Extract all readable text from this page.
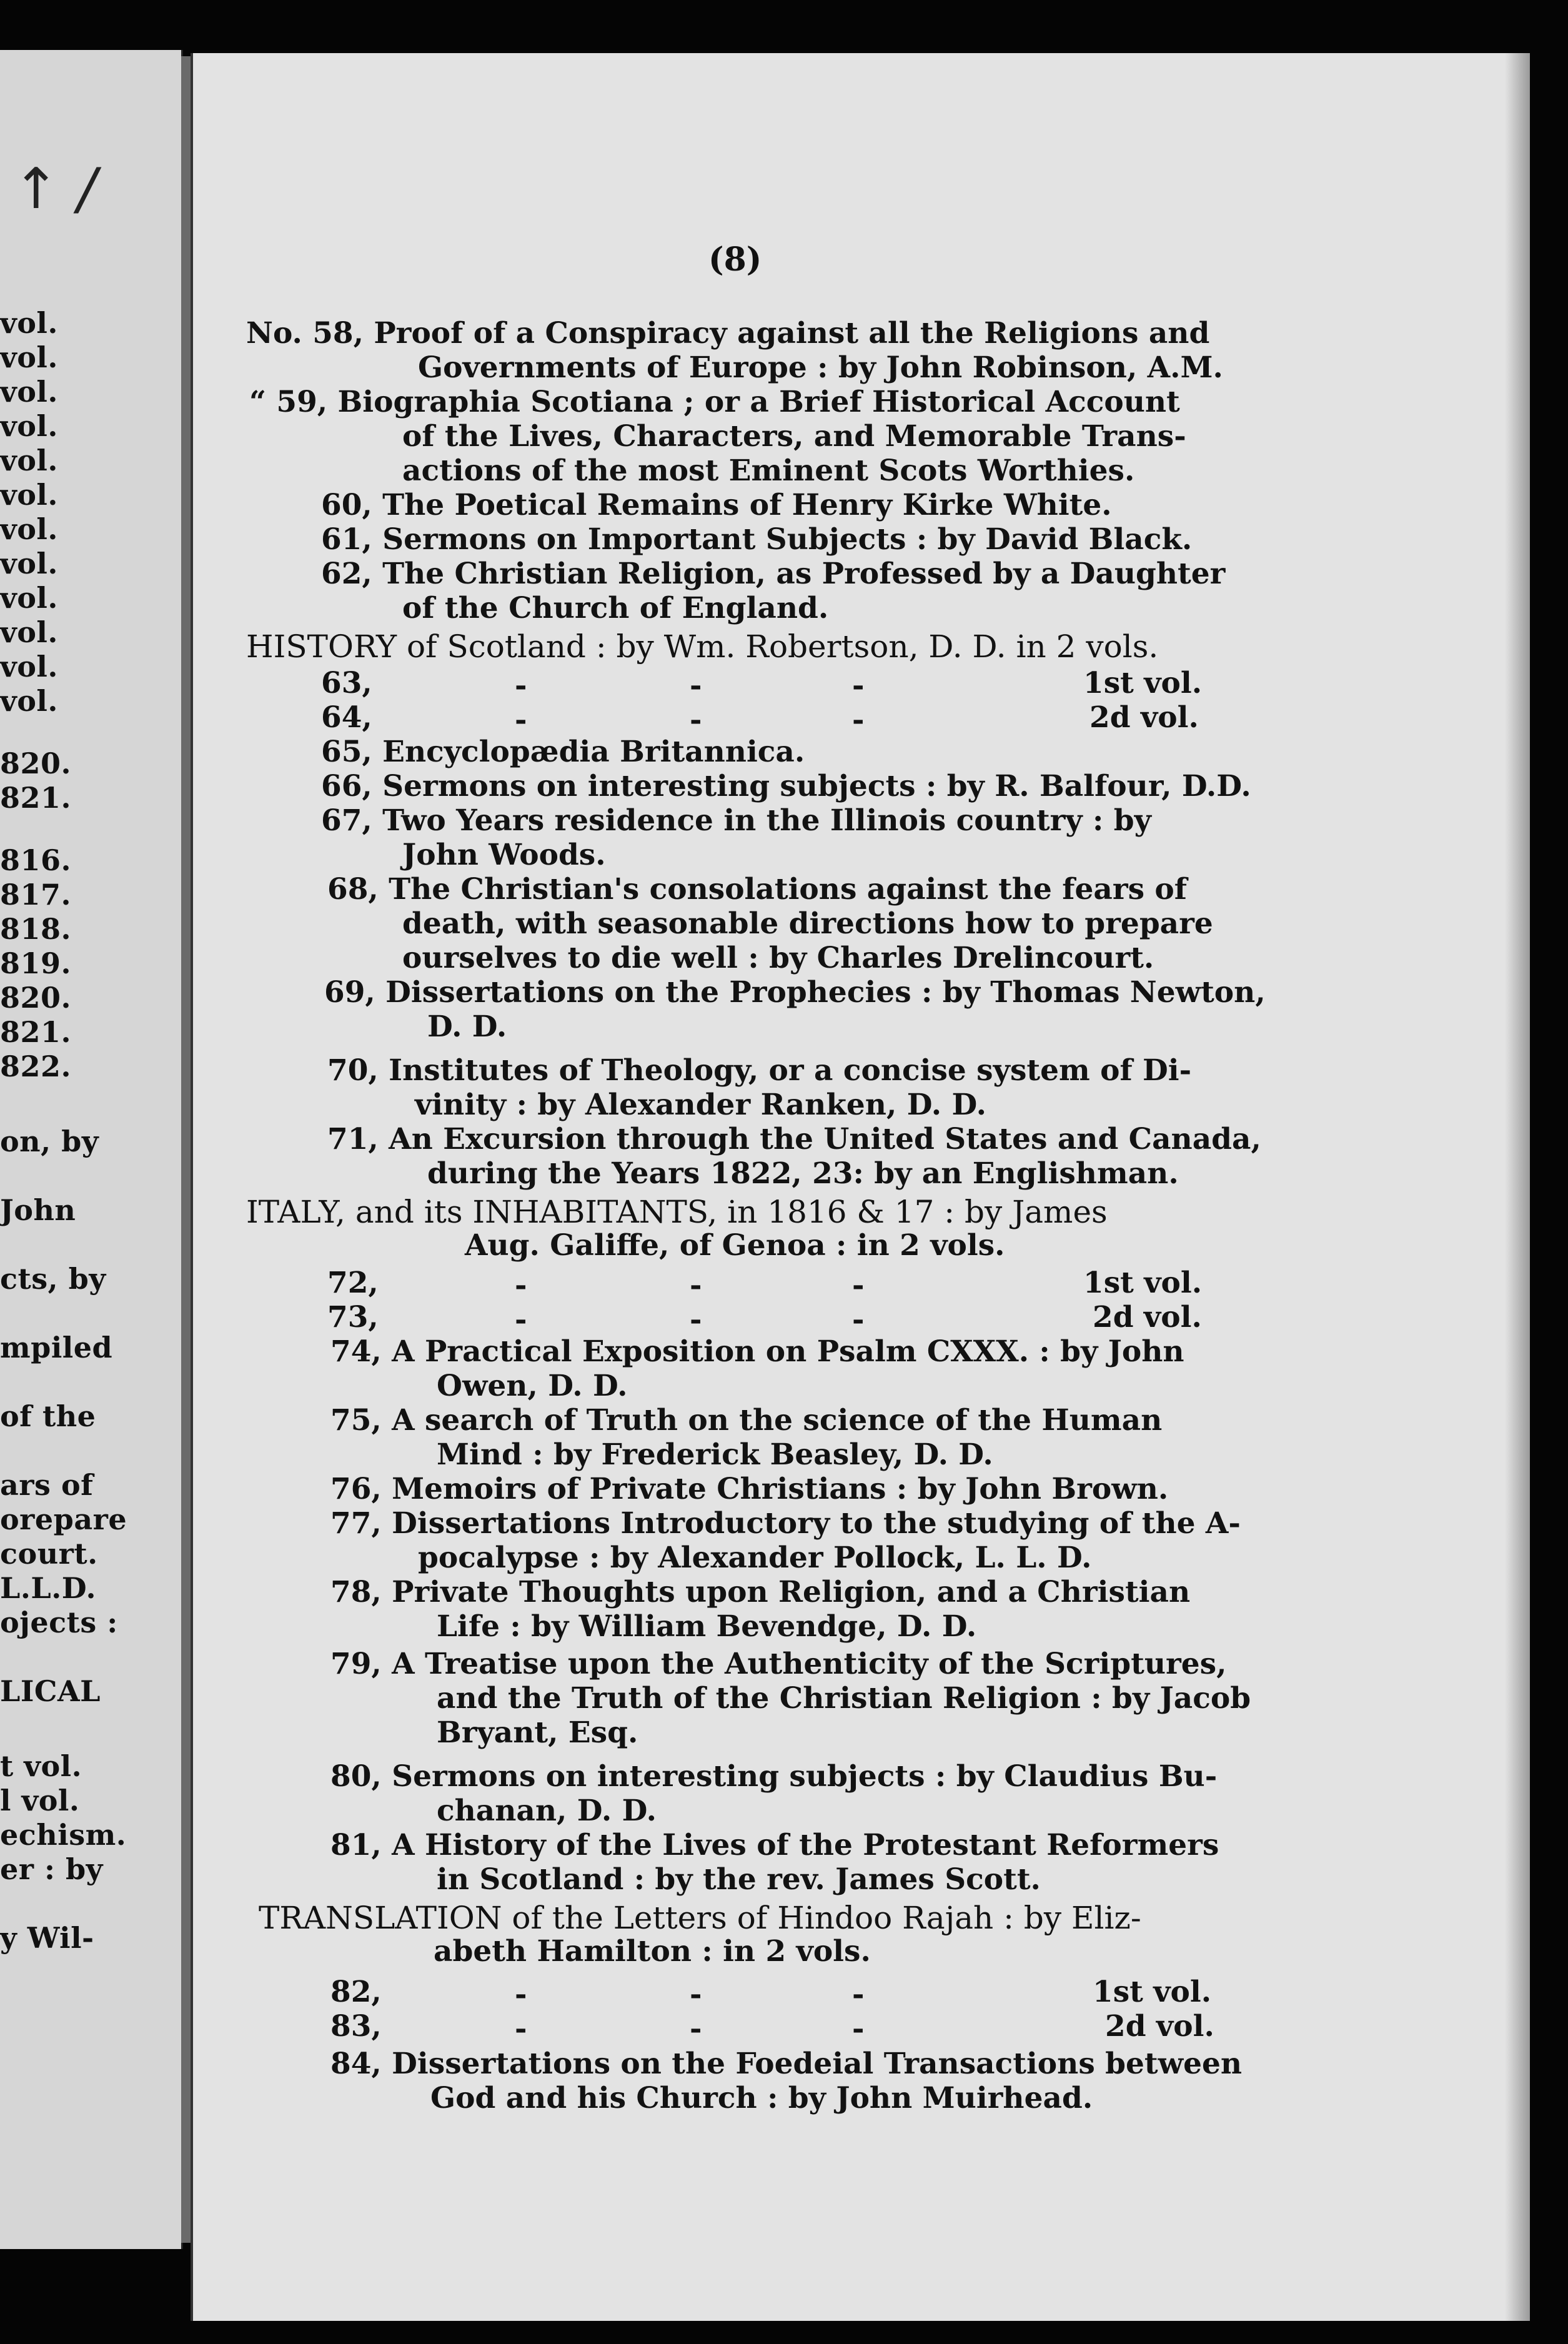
↑ /
vol.
vol.
vol.
vol.
vol.
vol.
vol.
vol.
vol.
vol.
vol.
vol.
820.
821.
816.
817.
818.
819.
820.
821.
822.
on, by
John
cts, by
mpiled
of the
ars of
orepare
court.
L.L.D.
ojects :
LICAL
t vol.
l vol.
echism.
er : by
y Wil-
(8)
No. 58, Proof of a Conspiracy against all the Religions and
Governments of Europe : by John Robinson, A.M.
“ 59, Biographia Scotiana ; or a Brief Historical Account
of the Lives, Characters, and Memorable Trans-
actions of the most Eminent Scots Worthies.
60, The Poetical Remains of Henry Kirke White.
61, Sermons on Important Subjects : by David Black.
62, The Christian Religion, as Professed by a Daughter
of the Church of England.
HISTORY of Scotland : by Wm. Robertson, D. D. in 2 vols.
63,	-	-	-	1st vol.
64,	-	-	-	2d vol.
65, Encyclopædia Britannica.
66, Sermons on interesting subjects : by R. Balfour, D.D.
67, Two Years residence in the Illinois country : by
John Woods.
68, The Christian's consolations against the fears of
death, with seasonable directions how to prepare
ourselves to die well : by Charles Drelincourt.
69, Dissertations on the Prophecies : by Thomas Newton,
D. D.
70, Institutes of Theology, or a concise system of Di-
vinity : by Alexander Ranken, D. D.
71, An Excursion through the United States and Canada,
during the Years 1822, 23: by an Englishman.
ITALY, and its INHABITANTS, in 1816 & 17 : by James
Aug. Galiffe, of Genoa : in 2 vols.
72,	-	-	-	1st vol.
73,	-	-	-	2d vol.
74, A Practical Exposition on Psalm CXXX. : by John
Owen, D. D.
75, A search of Truth on the science of the Human
Mind : by Frederick Beasley, D. D.
76, Memoirs of Private Christians : by John Brown.
77, Dissertations Introductory to the studying of the A-
pocalypse : by Alexander Pollock, L. L. D.
78, Private Thoughts upon Religion, and a Christian
Life : by William Bevendge, D. D.
79, A Treatise upon the Authenticity of the Scriptures,
and the Truth of the Christian Religion : by Jacob
Bryant, Esq.
80, Sermons on interesting subjects : by Claudius Bu-
chanan, D. D.
81, A History of the Lives of the Protestant Reformers
in Scotland : by the rev. James Scott.
TRANSLATION of the Letters of Hindoo Rajah : by Eliz-
abeth Hamilton : in 2 vols.
82,	-	-	-	1st vol.
83,	-	-	-	2d vol.
84, Dissertations on the Foedeial Transactions between
God and his Church : by John Muirhead.
